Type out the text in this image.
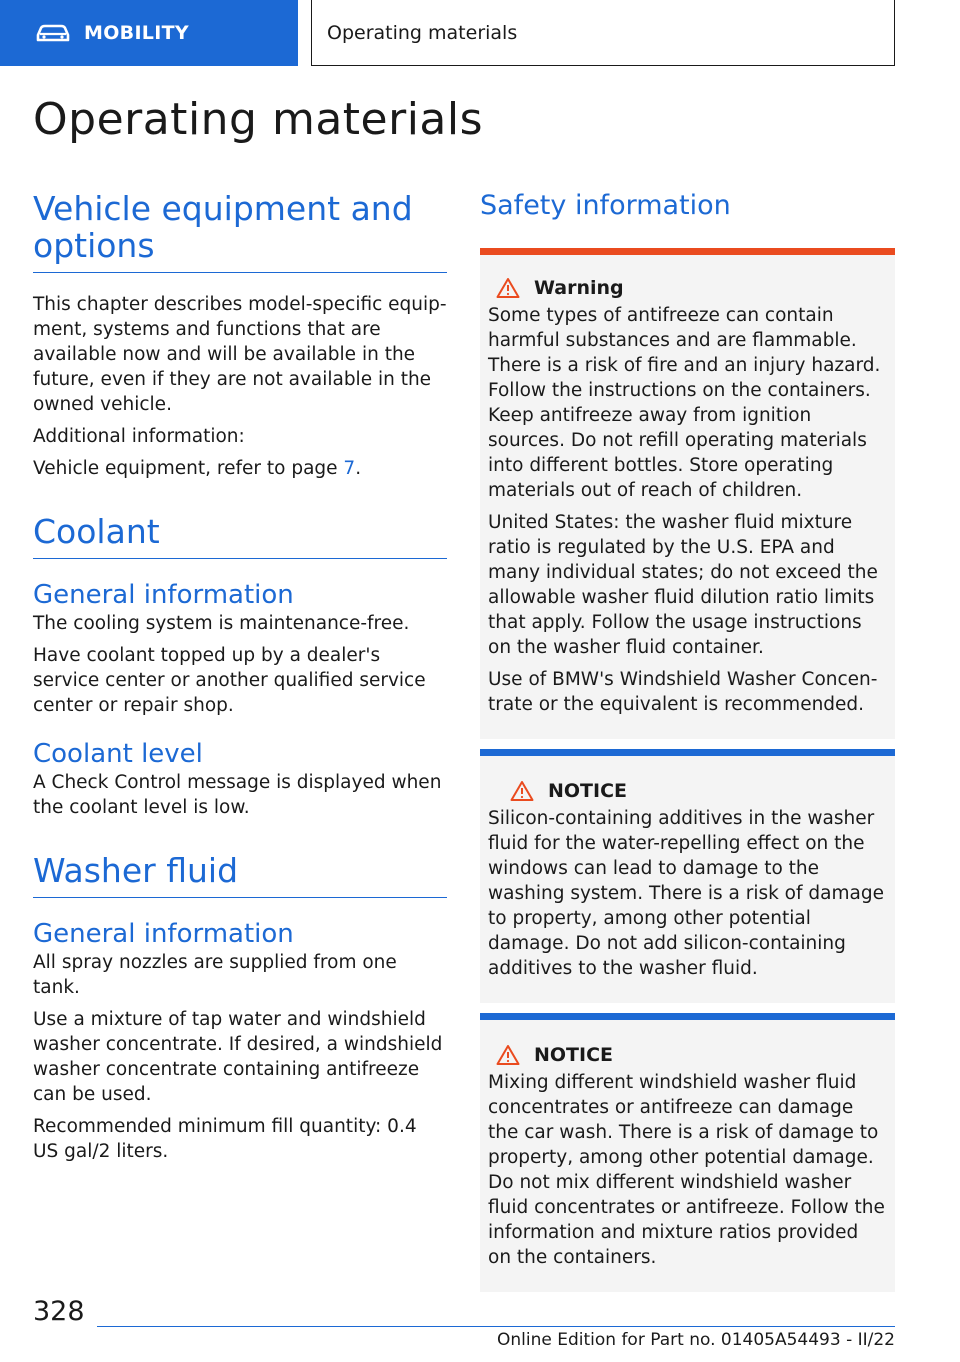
MOBILITY	Operating materials
Operating materials
Vehicle equipment and options

This chapter describes model-specific equipment, systems and functions that are available now and will be available in the future, even if they are not available in the owned vehicle.

Additional information:

Vehicle equipment, refer to page 7.

Coolant
General information

The cooling system is maintenance-free.

Have coolant topped up by a dealer's service center or another qualified service center or repair shop.

Coolant level

A Check Control message is displayed when the coolant level is low.

Washer fluid
General information

All spray nozzles are supplied from one tank.

Use a mixture of tap water and windshield washer concentrate. If desired, a windshield washer concentrate containing antifreeze can be used.

Recommended minimum fill quantity: 0.4 US gal/2 liters.

Safety information
Warning

Some types of antifreeze can contain harmful substances and are flammable. There is a risk of fire and an injury hazard. Follow the instructions on the containers. Keep antifreeze away from ignition sources. Do not refill operating materials into different bottles. Store operating materials out of reach of children.

United States: the washer fluid mixture ratio is regulated by the U.S. EPA and many individual states; do not exceed the allowable washer fluid dilution ratio limits that apply. Follow the usage instructions on the washer fluid container.

Use of BMW's Windshield Washer Concentrate or the equivalent is recommended.

NOTICE

Silicon-containing additives in the washer fluid for the water-repelling effect on the windows can lead to damage to the washing system. There is a risk of damage to property, among other potential damage. Do not add silicon-containing additives to the washer fluid.

NOTICE

Mixing different windshield washer fluid concentrates or antifreeze can damage the car wash. There is a risk of damage to property, among other potential damage. Do not mix different windshield washer fluid concentrates or antifreeze. Follow the information and mixture ratios provided on the containers.

328
Online Edition for Part no. 01405A54493 - II/22
